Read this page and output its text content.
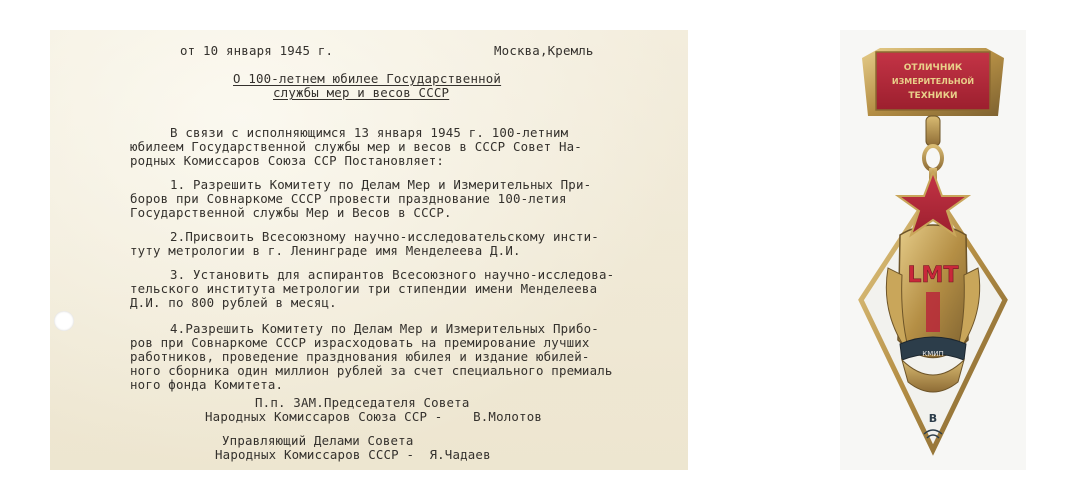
от 10 января 1945 г.	Москва,Кремль
О 100-летнем юбилее Государственной
службы мер и весов СССР
В связи с исполняющимся 13 января 1945 г. 100-летним
юбилеем Государственной службы мер и весов в СССР Совет На-
родных Комиссаров Союза ССР Постановляет:
1. Разрешить Комитету по Делам Мер и Измерительных При-
боров при Совнаркоме СССР провести празднование 100-летия
Государственной службы Мер и Весов в СССР.
2.Присвоить Всесоюзному научно-исследовательскому инсти-
туту метрологии в г. Ленинграде имя Менделеева Д.И.
3. Установить для аспирантов Всесоюзного научно-исследова-
тельского института метрологии три стипендии имени Менделеева
Д.И. по 800 рублей в месяц.
4.Разрешить Комитету по Делам Мер и Измерительных Прибо-
ров при Совнаркоме СССР израсходовать на премирование лучших
работников, проведение празднования юбилея и издание юбилей-
ного сборника один миллион рублей за счет специального премиаль
ного фонда Комитета.
П.п. ЗАМ.Председателя Совета
Народных Комиссаров Союза ССР -    В.Молотов
Управляющий Делами Совета
Народных Комиссаров СССР -  Я.Чадаев
ОТЛИЧНИК
ИЗМЕРИТЕЛЬНОЙ
ТЕХНИКИ
LMT
КМИП
В
